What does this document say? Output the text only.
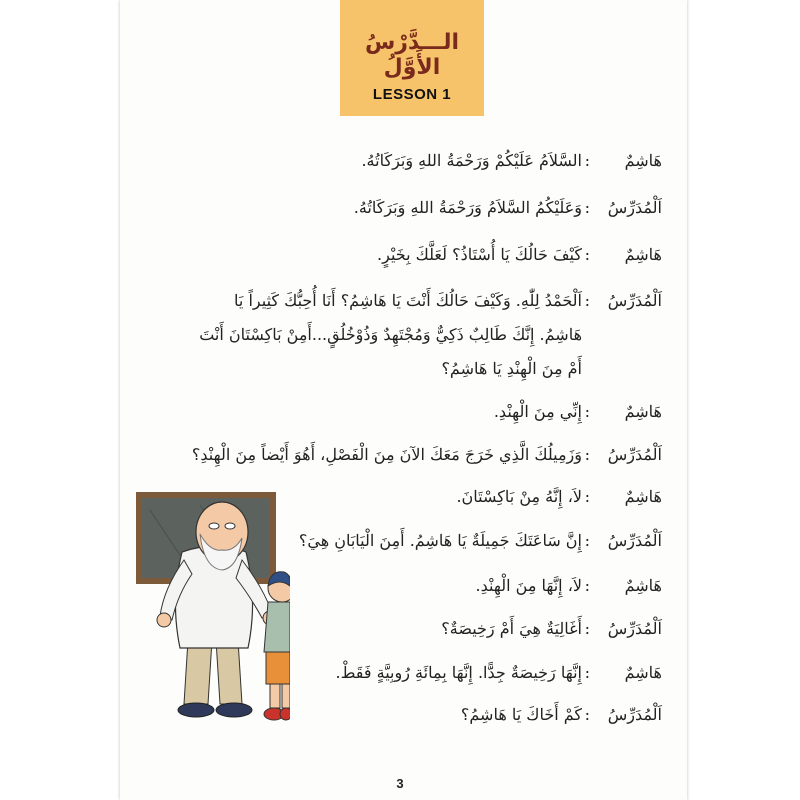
الـــدَّرْسُ الأَوَّلُ
LESSON 1
هَاشِمٌ
:
السَّلاَمُ عَلَيْكُمْ وَرَحْمَةُ اللهِ وَبَرَكَاتُهُ.
اَلْمُدَرِّسُ
:
وَعَلَيْكُمُ السَّلاَمُ وَرَحْمَةُ اللهِ وَبَرَكَاتُهُ.
هَاشِمٌ
:
كَيْفَ حَالُكَ يَا أُسْتَاذُ؟ لَعَلَّكَ بِخَيْرٍ.
اَلْمُدَرِّسُ
:
اَلْحَمْدُ لِلّٰهِ. وَكَيْفَ حَالُكَ أَنْتَ يَا هَاشِمُ؟ أَنَا أُحِبُّكَ كَثِيراً يَا
هَاشِمُ. إِنَّكَ طَالِبٌ ذَكِيٌّ وَمُجْتَهِدٌ وَذُوْخُلُقٍ...أَمِنْ بَاكِسْتَانَ أَنْتَ
أَمْ مِنَ الْهِنْدِ يَا هَاشِمُ؟
هَاشِمٌ
:
إِنِّي مِنَ الْهِنْدِ.
اَلْمُدَرِّسُ
:
وَزَمِيلُكَ الَّذِي خَرَجَ مَعَكَ الآنَ مِنَ الْفَصْلِ، أَهُوَ أَيْضاً مِنَ الْهِنْدِ؟
هَاشِمٌ
:
لاَ، إِنَّهُ مِنْ بَاكِسْتَانَ.
اَلْمُدَرِّسُ
:
إِنَّ سَاعَتَكَ جَمِيلَةٌ يَا هَاشِمُ. أَمِنَ الْيَابَانِ هِيَ؟
هَاشِمٌ
:
لاَ، إِنَّهَا مِنَ الْهِنْدِ.
اَلْمُدَرِّسُ
:
أَغَالِيَةٌ هِيَ أَمْ رَخِيصَةٌ؟
هَاشِمٌ
:
إِنَّهَا رَخِيصَةٌ جِدًّا. إِنَّهَا بِمِائَةِ رُوبِيَّةٍ فَقَطْ.
اَلْمُدَرِّسُ
:
كَمْ أَخَاكَ يَا هَاشِمُ؟
3
